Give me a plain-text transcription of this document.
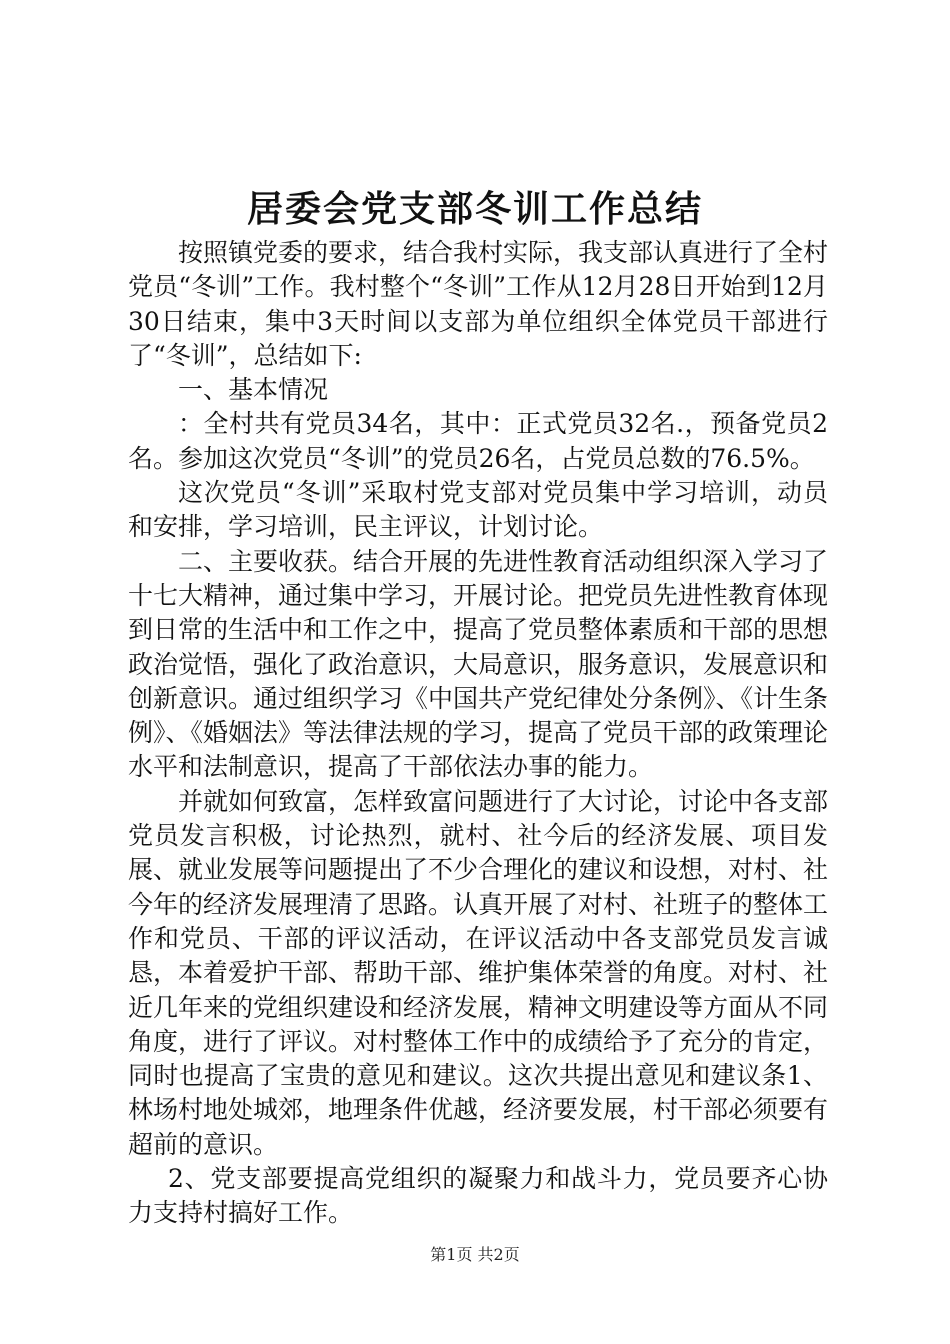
居委会党支部冬训工作总结

按照镇党委的要求，结合我村实际，我支部认真进行了全村党员“冬训”工作。我村整个“冬训”工作从12月28日开始到12月30日结束，集中3天时间以支部为单位组织全体党员干部进行了“冬训”，总结如下:

一、基本情况

：全村共有党员34名，其中：正式党员32名.，预备党员2名。参加这次党员“冬训”的党员26名，占党员总数的76.5%。

这次党员“冬训”采取村党支部对党员集中学习培训，动员和安排，学习培训，民主评议，计划讨论。

二、主要收获。结合开展的先进性教育活动组织深入学习了十七大精神，通过集中学习，开展讨论。把党员先进性教育体现到日常的生活中和工作之中，提高了党员整体素质和干部的思想政治觉悟，强化了政治意识，大局意识，服务意识，发展意识和创新意识。通过组织学习《中国共产党纪律处分条例》、《计生条例》、《婚姻法》等法律法规的学习，提高了党员干部的政策理论水平和法制意识，提高了干部依法办事的能力。

并就如何致富，怎样致富问题进行了大讨论，讨论中各支部党员发言积极，讨论热烈，就村、社今后的经济发展、项目发展、就业发展等问题提出了不少合理化的建议和设想，对村、社今年的经济发展理清了思路。认真开展了对村、社班子的整体工作和党员、干部的评议活动，在评议活动中各支部党员发言诚恳，本着爱护干部、帮助干部、维护集体荣誉的角度。对村、社近几年来的党组织建设和经济发展，精神文明建设等方面从不同角度，进行了评议。对村整体工作中的成绩给予了充分的肯定，同时也提高了宝贵的意见和建议。这次共提出意见和建议条1、林场村地处城郊，地理条件优越，经济要发展，村干部必须要有超前的意识。

2、党支部要提高党组织的凝聚力和战斗力，党员要齐心协力支持村搞好工作。

第1页 共2页
